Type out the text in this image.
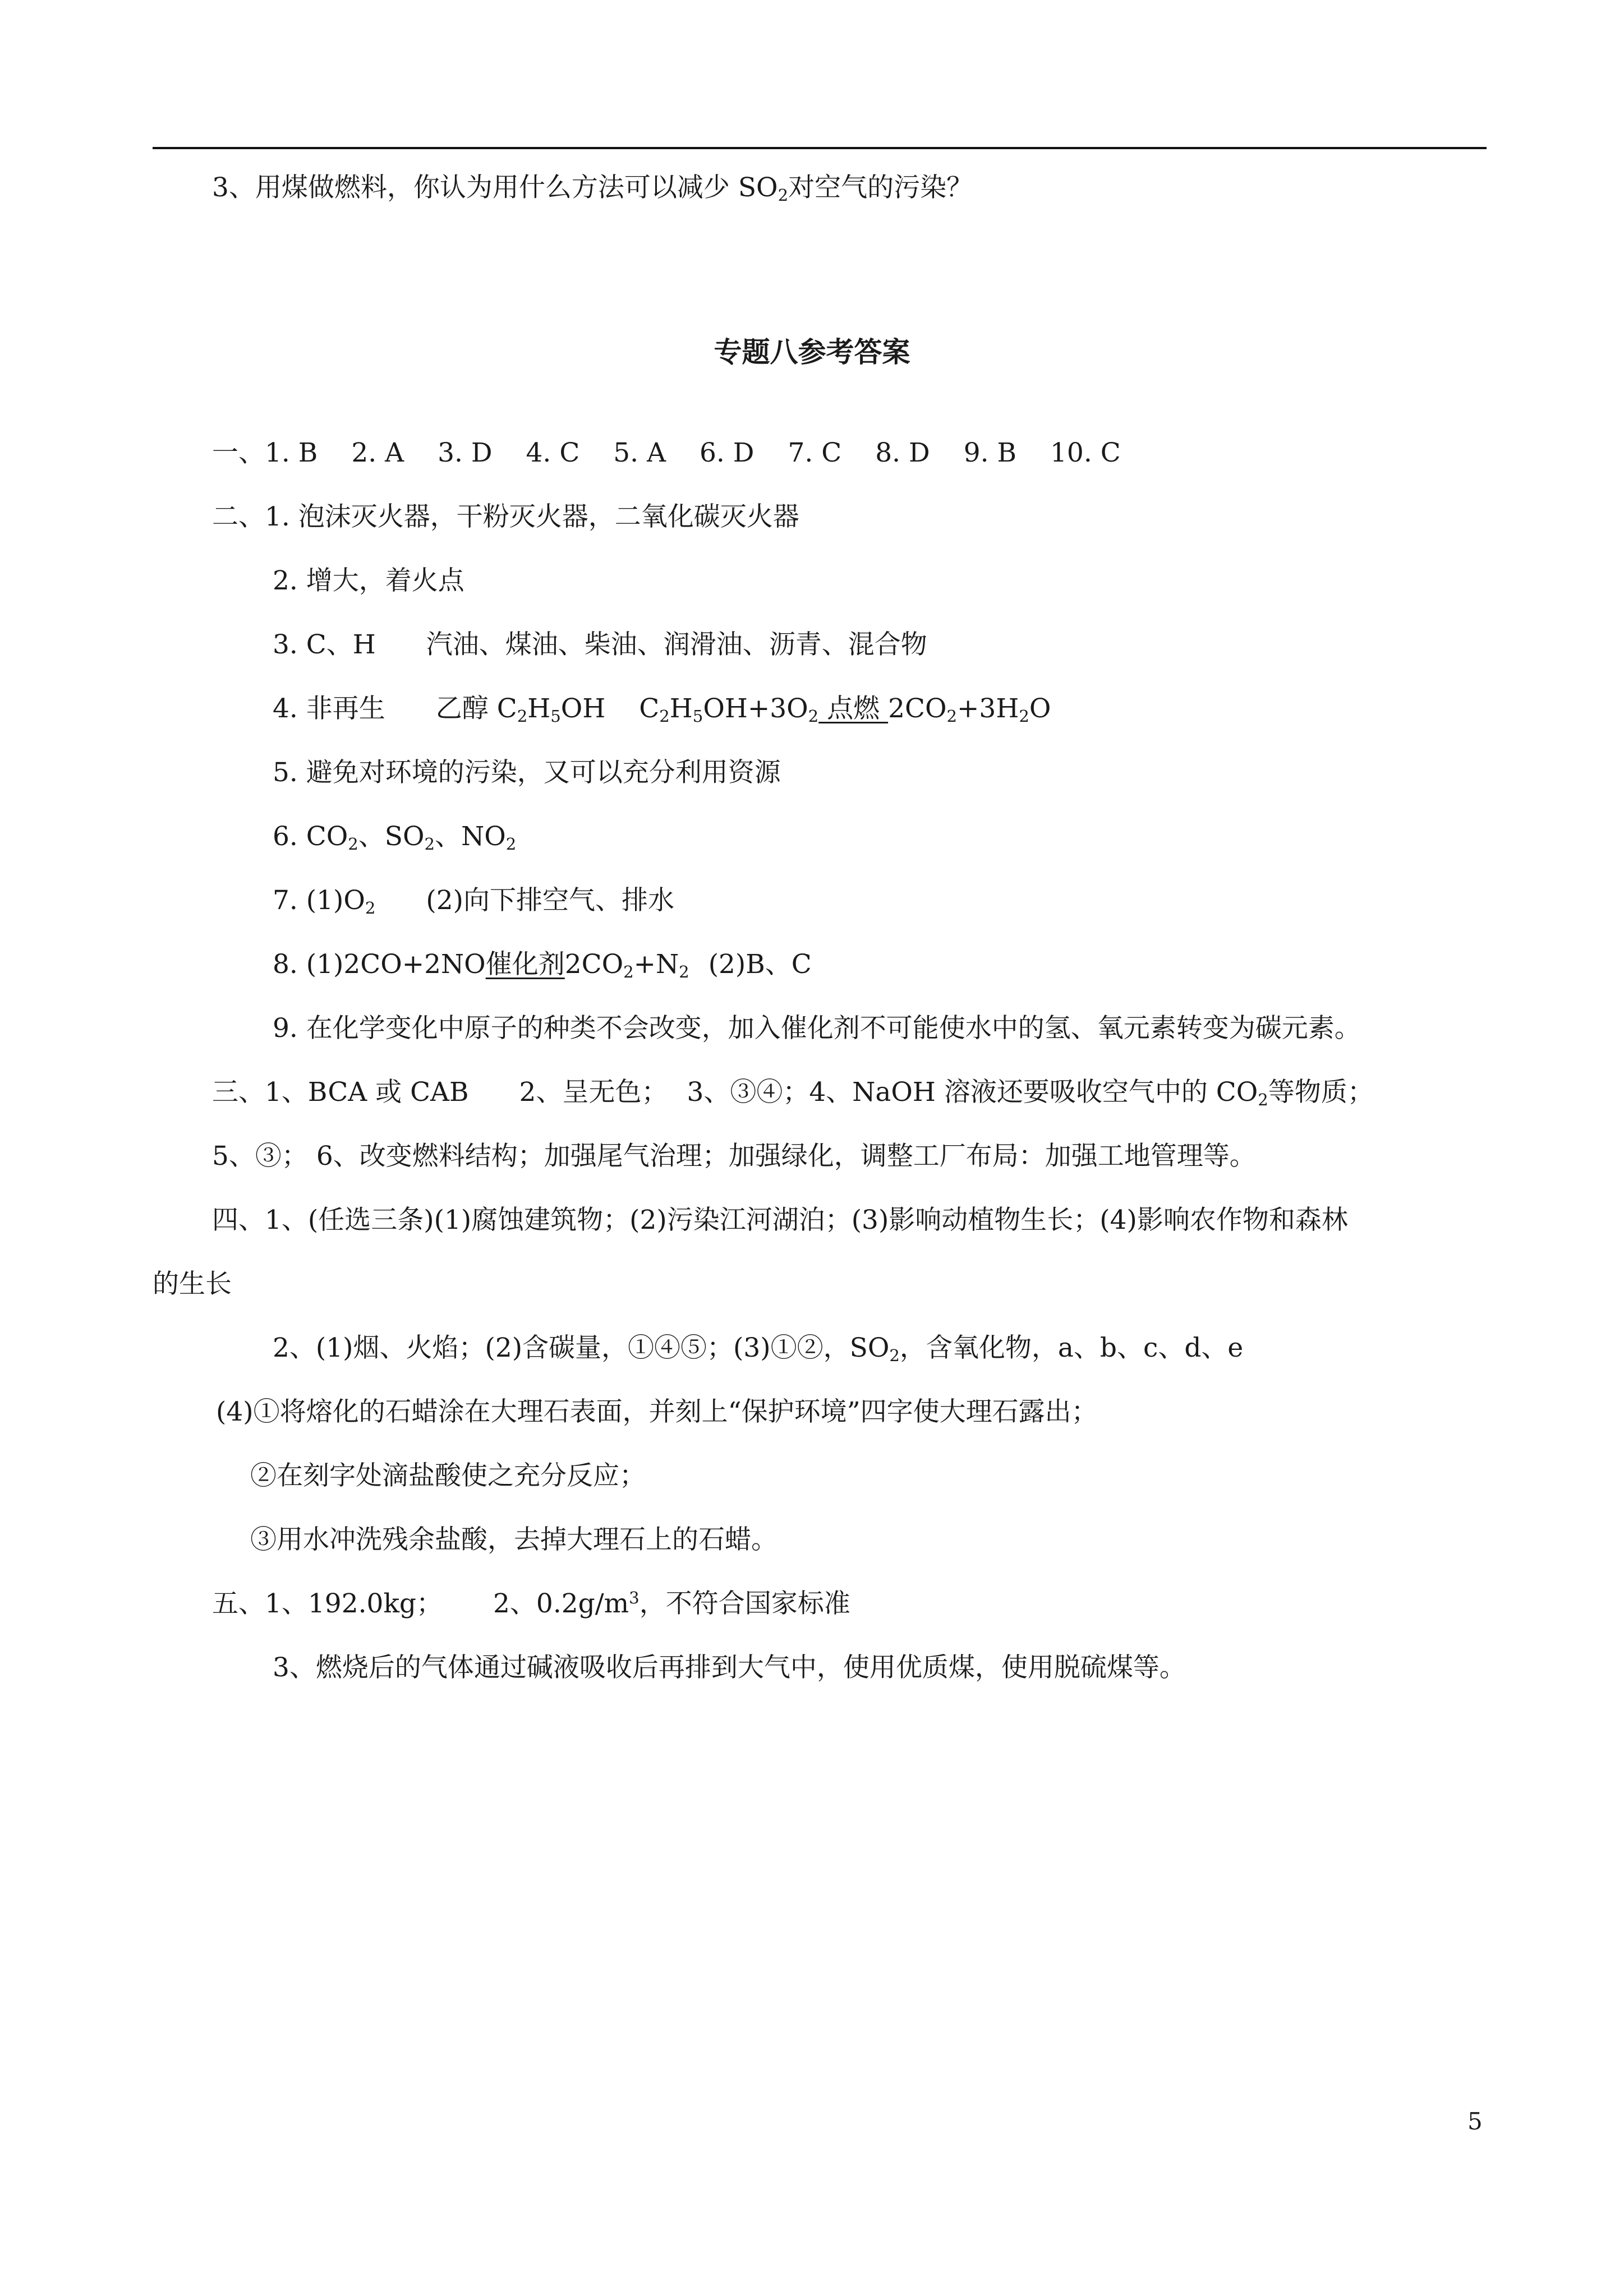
3、用煤做燃料，你认为用什么方法可以减少 $SO_2$对空气的污染？
专题八参考答案
一、1. B 2. A 3. D 4. C 5. A 6. D 7. C 8. D 9. B 10. C
二、1. 泡沫灭火器，干粉灭火器，二氧化碳灭火器
2. 增大，着火点
3. C、H 汽油、煤油、柴油、润滑油、沥青、混合物
4. 非再生 乙醇 $C_2H_5OH$ $C_2H_5OH+3O_2$ 点燃 $2CO_2+3H_2O$
5. 避免对环境的污染，又可以充分利用资源
6. $CO_2$、$SO_2$、$NO_2$
7. $(1)O_2$ (2)向下排空气、排水
8. (1)2CO+2NO催化剂$2CO_2+N_2$ (2)B、C
9. 在化学变化中原子的种类不会改变，加入催化剂不可能使水中的氢、氧元素转变为碳元素。
三、1、BCA 或 CAB 2、呈无色； 3、③④；4、NaOH 溶液还要吸收空气中的 $CO_2$等物质；
5、③； 6、改变燃料结构；加强尾气治理；加强绿化，调整工厂布局：加强工地管理等。
四、1、(任选三条)(1)腐蚀建筑物；(2)污染江河湖泊；(3)影响动植物生长；(4)影响农作物和森林
的生长
2、(1)烟、火焰；(2)含碳量，①④⑤；(3)①②，$SO_2$，含氧化物，a、b、c、d、e
(4)①将熔化的石蜡涂在大理石表面，并刻上“保护环境”四字使大理石露出；
②在刻字处滴盐酸使之充分反应；
③用水冲洗残余盐酸，去掉大理石上的石蜡。
五、1、192.0kg； 2、$0.2g/m^3$，不符合国家标准
3、燃烧后的气体通过碱液吸收后再排到大气中，使用优质煤，使用脱硫煤等。
5
